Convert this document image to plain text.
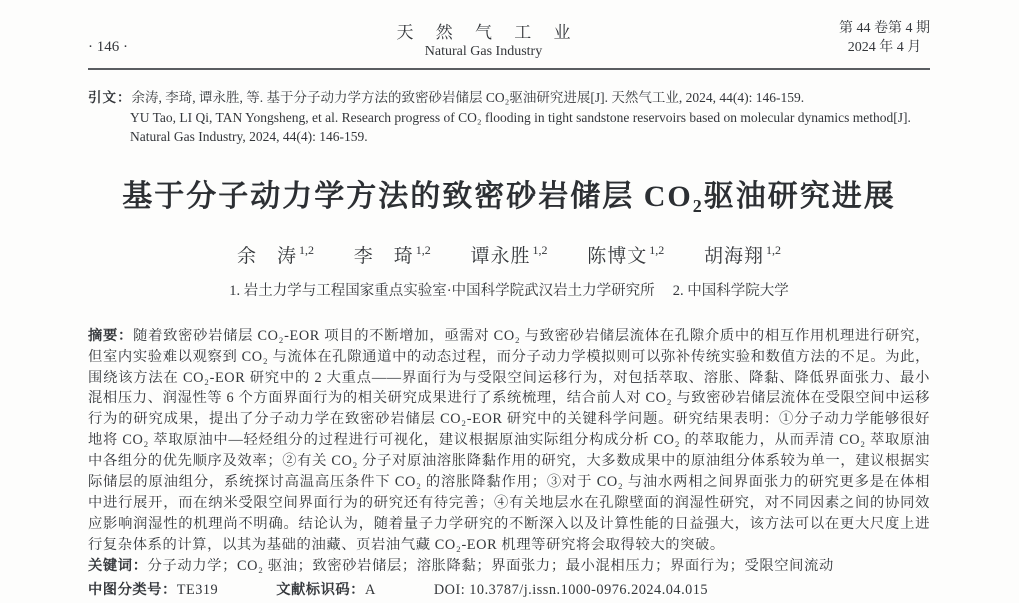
· 146 ·
天 然 气 工 业
Natural Gas Industry
第 44 卷第 4 期
2024 年 4 月
引文：余涛, 李琦, 谭永胜, 等. 基于分子动力学方法的致密砂岩储层 CO₂驱油研究进展[J]. 天然气工业, 2024, 44(4): 146-159.
YU Tao, LI Qi, TAN Yongsheng, et al. Research progress of CO₂ flooding in tight sandstone reservoirs based on molecular dynamics method[J]. Natural Gas Industry, 2024, 44(4): 146-159.
基于分子动力学方法的致密砂岩储层 CO₂驱油研究进展
余　涛 $^{1,2}$ 李　琦 $^{1,2}$ 谭永胜 $^{1,2}$ 陈博文 $^{1,2}$ 胡海翔 $^{1,2}$
1. 岩土力学与工程国家重点实验室·中国科学院武汉岩土力学研究所　 2. 中国科学院大学
摘要：随着致密砂岩储层 CO₂-EOR 项目的不断增加，亟需对 CO₂ 与致密砂岩储层流体在孔隙介质中的相互作用机理进行研究，但室内实验难以观察到 CO₂ 与流体在孔隙通道中的动态过程，而分子动力学模拟则可以弥补传统实验和数值方法的不足。为此，围绕该方法在 CO₂-EOR 研究中的 2 大重点——界面行为与受限空间运移行为，对包括萃取、溶胀、降黏、降低界面张力、最小混相压力、润湿性等 6 个方面界面行为的相关研究成果进行了系统梳理，结合前人对 CO₂ 与致密砂岩储层流体在受限空间中运移行为的研究成果，提出了分子动力学在致密砂岩储层 CO₂-EOR 研究中的关键科学问题。研究结果表明：①分子动力学能够很好地将 CO₂ 萃取原油中—轻烃组分的过程进行可视化，建议根据原油实际组分构成分析 CO₂ 的萃取能力，从而弄清 CO₂ 萃取原油中各组分的优先顺序及效率；②有关 CO₂ 分子对原油溶胀降黏作用的研究，大多数成果中的原油组分体系较为单一，建议根据实际储层的原油组分，系统探讨高温高压条件下 CO₂ 的溶胀降黏作用；③对于 CO₂ 与油水两相之间界面张力的研究更多是在体相中进行展开，而在纳米受限空间界面行为的研究还有待完善；④有关地层水在孔隙壁面的润湿性研究，对不同因素之间的协同效应影响润湿性的机理尚不明确。结论认为，随着量子力学研究的不断深入以及计算性能的日益强大，该方法可以在更大尺度上进行复杂体系的计算，以其为基础的油藏、页岩油气藏 CO₂-EOR 机理等研究将会取得较大的突破。
关键词：分子动力学；CO₂ 驱油；致密砂岩储层；溶胀降黏；界面张力；最小混相压力；界面行为；受限空间流动
中图分类号：TE319	文献标识码：A	DOI: 10.3787/j.issn.1000-0976.2024.04.015
